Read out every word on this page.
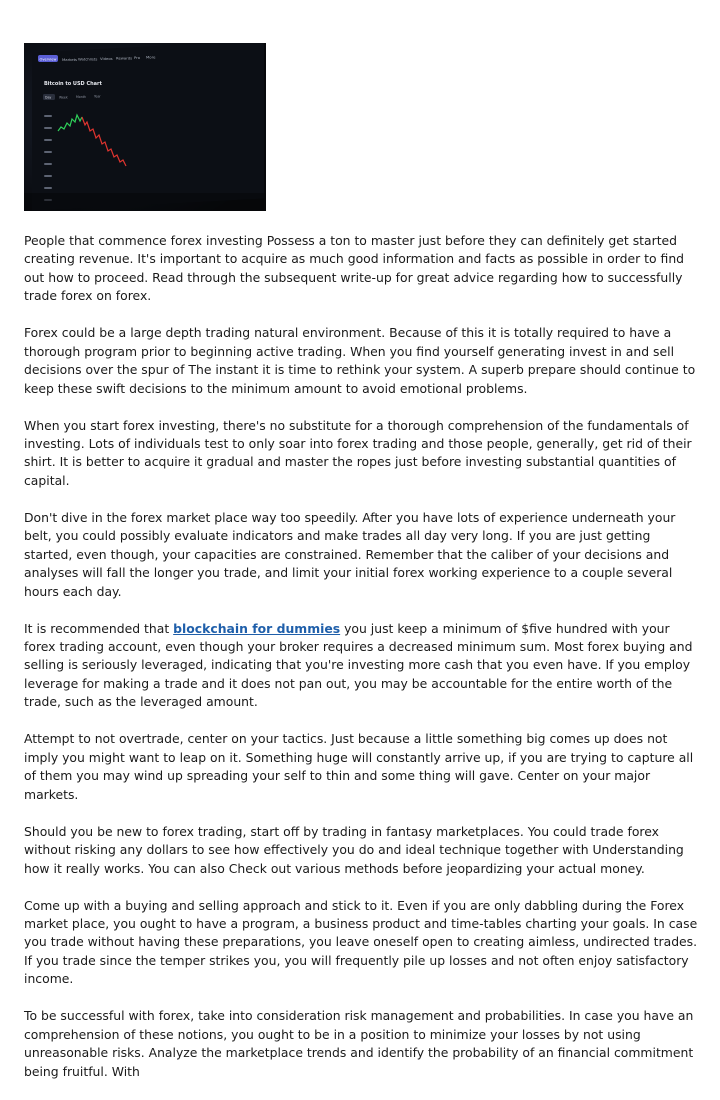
Overview Markets Watchlists Videos Rewards Pro More
Bitcoin to USD Chart
Day Week	Month	Year

People that commence forex investing Possess a ton to master just before they can definitely get started creating revenue. It's important to acquire as much good information and facts as possible in order to find out how to proceed. Read through the subsequent write-up for great advice regarding how to successfully trade forex on forex.

Forex could be a large depth trading natural environment. Because of this it is totally required to have a thorough program prior to beginning active trading. When you find yourself generating invest in and sell decisions over the spur of The instant it is time to rethink your system. A superb prepare should continue to keep these swift decisions to the minimum amount to avoid emotional problems.

When you start forex investing, there's no substitute for a thorough comprehension of the fundamentals of investing. Lots of individuals test to only soar into forex trading and those people, generally, get rid of their shirt. It is better to acquire it gradual and master the ropes just before investing substantial quantities of capital.

Don't dive in the forex market place way too speedily. After you have lots of experience underneath your belt, you could possibly evaluate indicators and make trades all day very long. If you are just getting started, even though, your capacities are constrained. Remember that the caliber of your decisions and analyses will fall the longer you trade, and limit your initial forex working experience to a couple several hours each day.

It is recommended that blockchain for dummies you just keep a minimum of $five hundred with your forex trading account, even though your broker requires a decreased minimum sum. Most forex buying and selling is seriously leveraged, indicating that you're investing more cash that you even have. If you employ leverage for making a trade and it does not pan out, you may be accountable for the entire worth of the trade, such as the leveraged amount.

Attempt to not overtrade, center on your tactics. Just because a little something big comes up does not imply you might want to leap on it. Something huge will constantly arrive up, if you are trying to capture all of them you may wind up spreading your self to thin and some thing will gave. Center on your major markets.

Should you be new to forex trading, start off by trading in fantasy marketplaces. You could trade forex without risking any dollars to see how effectively you do and ideal technique together with Understanding how it really works. You can also Check out various methods before jeopardizing your actual money.

Come up with a buying and selling approach and stick to it. Even if you are only dabbling during the Forex market place, you ought to have a program, a business product and time-tables charting your goals. In case you trade without having these preparations, you leave oneself open to creating aimless, undirected trades. If you trade since the temper strikes you, you will frequently pile up losses and not often enjoy satisfactory income.

To be successful with forex, take into consideration risk management and probabilities. In case you have an comprehension of these notions, you ought to be in a position to minimize your losses by not using unreasonable risks. Analyze the marketplace trends and identify the probability of an financial commitment being fruitful. With
